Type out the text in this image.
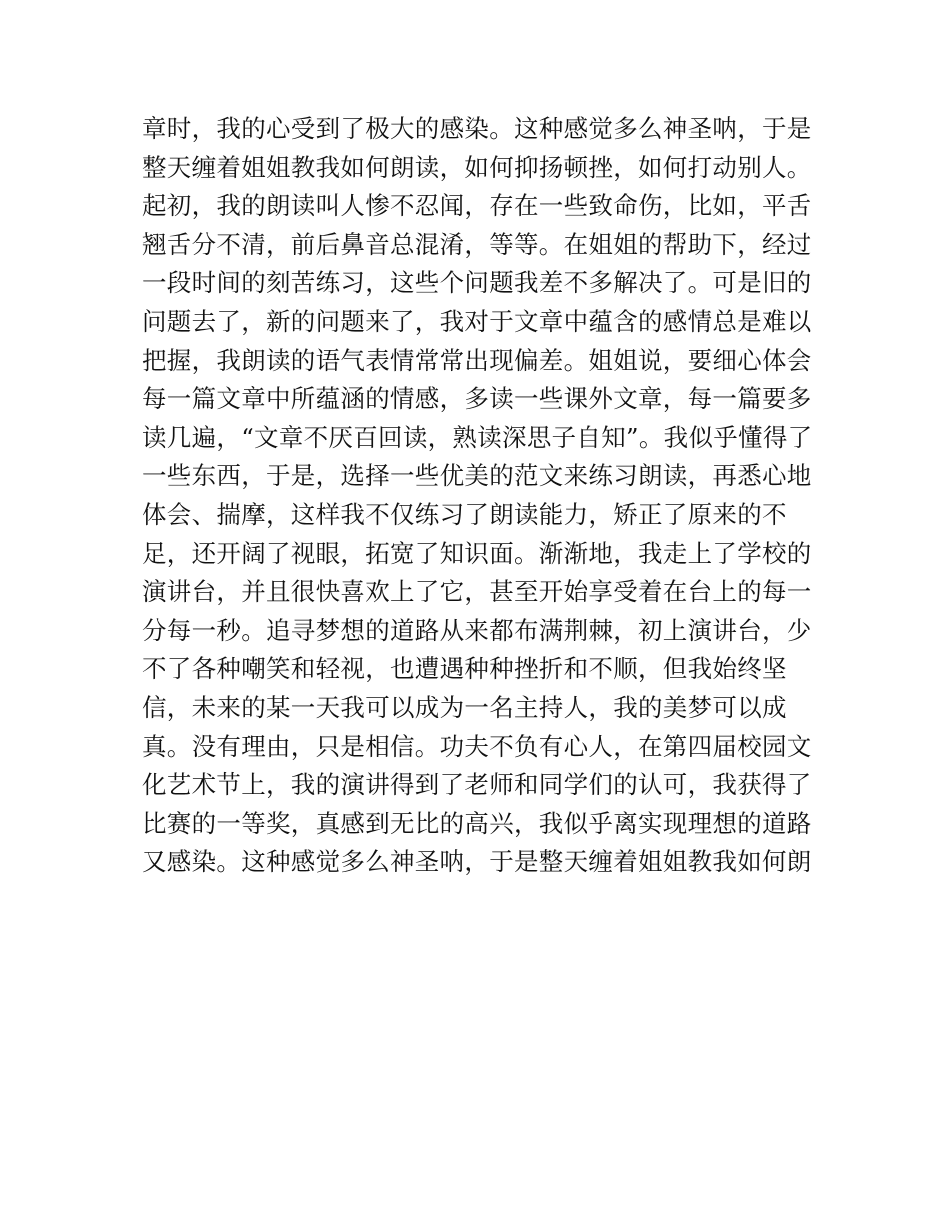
章时，我的心受到了极大的感染。这种感觉多么神圣呐，于是
整天缠着姐姐教我如何朗读，如何抑扬顿挫，如何打动别人。
起初，我的朗读叫人惨不忍闻，存在一些致命伤，比如，平舌
翘舌分不清，前后鼻音总混淆，等等。在姐姐的帮助下，经过
一段时间的刻苦练习，这些个问题我差不多解决了。可是旧的
问题去了，新的问题来了，我对于文章中蕴含的感情总是难以
把握，我朗读的语气表情常常出现偏差。姐姐说，要细心体会
每一篇文章中所蕴涵的情感，多读一些课外文章，每一篇要多
读几遍，“文章不厌百回读，熟读深思子自知”。我似乎懂得了
一些东西，于是，选择一些优美的范文来练习朗读，再悉心地
体会、揣摩，这样我不仅练习了朗读能力，矫正了原来的不
足，还开阔了视眼，拓宽了知识面。渐渐地，我走上了学校的
演讲台，并且很快喜欢上了它，甚至开始享受着在台上的每一
分每一秒。追寻梦想的道路从来都布满荆棘，初上演讲台，少
不了各种嘲笑和轻视，也遭遇种种挫折和不顺，但我始终坚
信，未来的某一天我可以成为一名主持人，我的美梦可以成
真。没有理由，只是相信。功夫不负有心人，在第四届校园文
化艺术节上，我的演讲得到了老师和同学们的认可，我获得了
比赛的一等奖，真感到无比的高兴，我似乎离实现理想的道路
又感染。这种感觉多么神圣呐，于是整天缠着姐姐教我如何朗
